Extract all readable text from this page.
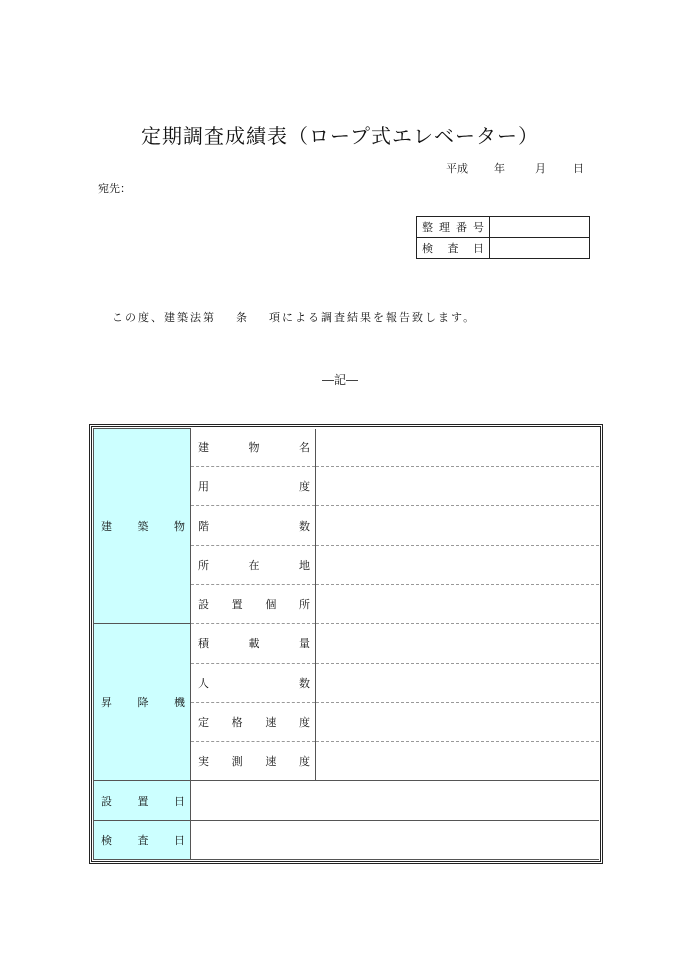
定期調査成績表（ロープ式エレベーター）
平成 年	月 日
宛先：
整 理 番 号	

検 査 日	

この度、建築法第 条 項による調査結果を報告致します。
―記―
建 築 物	建 物 名	

	用 度	

	階 数	

	所 在 地	

	設 置 個 所	

昇 降 機	積 載 量	

	人 数	

	定 格 速 度	

	実 測 速 度	

設 置 日		

検 査 日		
